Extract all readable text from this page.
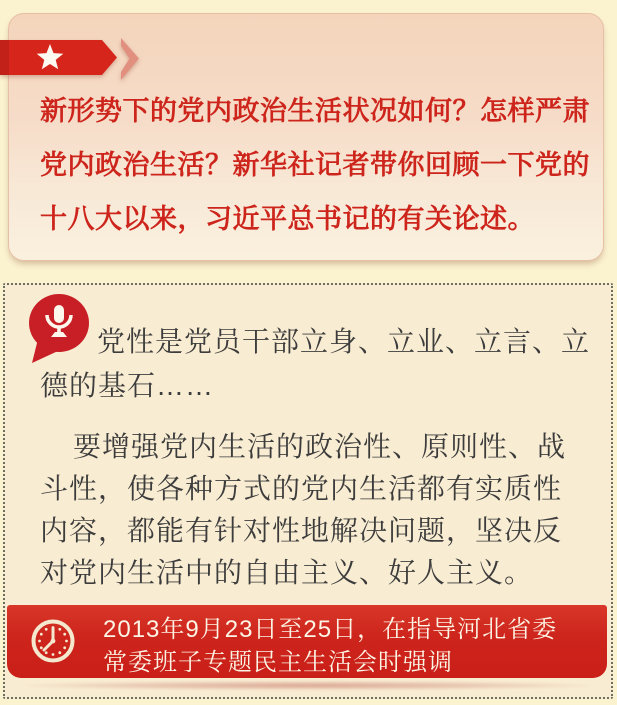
新形势下的党内政治生活状况如何？怎样严肃
党内政治生活？新华社记者带你回顾一下党的
十八大以来，习近平总书记的有关论述。
党性是党员干部立身、立业、立言、立
德的基石……
要增强党内生活的政治性、原则性、战
斗性，使各种方式的党内生活都有实质性
内容，都能有针对性地解决问题，坚决反
对党内生活中的自由主义、好人主义。
2013年9月23日至25日，在指导河北省委
常委班子专题民主生活会时强调
